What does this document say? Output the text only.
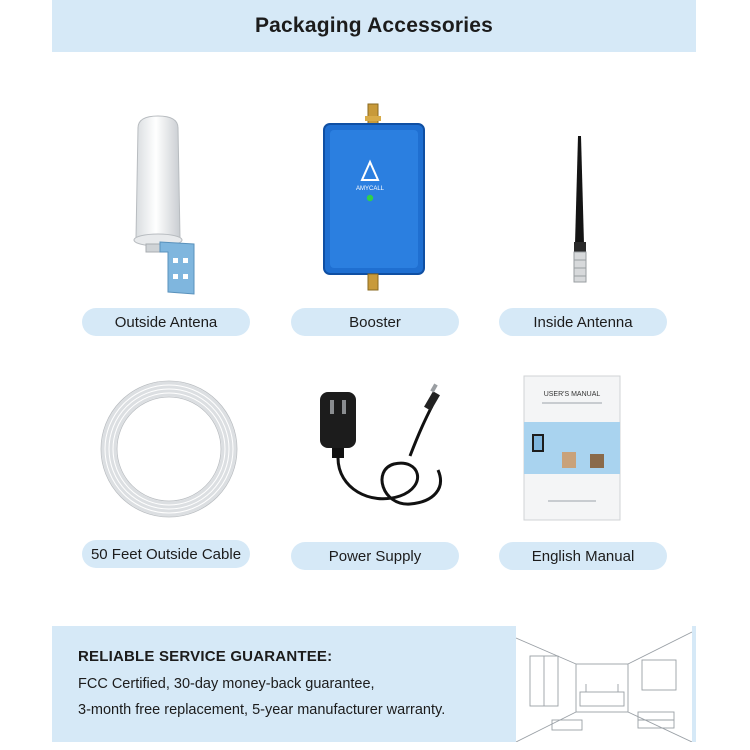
Packaging Accessories
AMYCALL
Outside Antena	Booster	Inside Antenna
USER'S MANUAL
50 Feet Outside Cable	Power Supply	English Manual
RELIABLE SERVICE GUARANTEE:
FCC Certified, 30-day money-back guarantee,
3-month free replacement, 5-year manufacturer warranty.
